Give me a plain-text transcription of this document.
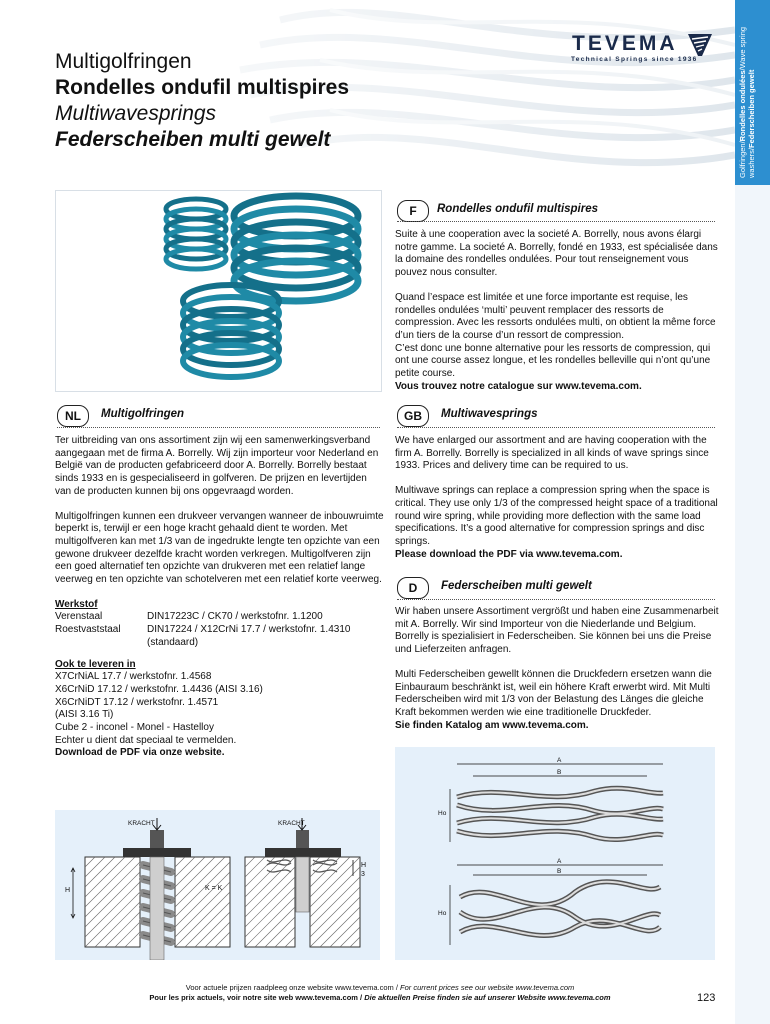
Golfringen/Rondelles ondulées/Wave spring washers/Federscheiben gewelt
Multigolfringen
Rondelles ondufil multispires
Multiwavesprings
Federscheiben multi gewelt
TEVEMA
Technical Springs since 1936
F	Rondelles ondufil multispires

Suite à une cooperation avec la societé A. Borrelly, nous avons élargi notre gamme. La societé A. Borrelly, fondé en 1933, est spécialisée dans la domaine des rondelles ondulées. Pour tout renseignement vous pouvez nous consulter.

Quand l’espace est limitée et une force importante est requise, les rondelles ondulées ‘multi’ peuvent remplacer des ressorts de compression. Avec les ressorts ondulées multi, on obtient la même force d’un tiers de la course d’un ressort de compression.
C’est donc une bonne alternative pour les ressorts de compression, qui ont une course assez longue, et les rondelles belleville qui n’ont qu’une petite course.
Vous trouvez notre catalogue sur www.tevema.com.
NL	Multigolfringen

Ter uitbreiding van ons assortiment zijn wij een samenwerkingsverband aangegaan met de firma A. Borrelly. Wij zijn importeur voor Nederland en België van de producten gefabriceerd door A. Borrelly. Borrelly bestaat sinds 1933 en is gespecialiseerd in golfveren. De prijzen en levertijden van de producten kunnen bij ons opgevraagd worden.

Multigolfringen kunnen een drukveer vervangen wanneer de inbouwruimte beperkt is, terwijl er een hoge kracht gehaald dient te worden. Met multigolfveren kan met 1/3 van de ingedrukte lengte ten opzichte van een gewone drukveer dezelfde kracht worden verkregen. Multigolfveren zijn een goed alternatief ten opzichte van drukveren met een relatief lange veerweg en ten opzichte van schotelveren met een relatief korte veerweg.

Werkstof
Verenstaal	DIN17223C / CK70 / werkstofnr. 1.1200
Roestvaststaal	DIN17224 / X12CrNi 17.7 / werkstofnr. 1.4310 (standaard)
Ook te leveren in
X7CrNiAL 17.7 / werkstofnr. 1.4568
X6CrNiD 17.12 / werkstofnr. 1.4436 (AISI 3.16)
X6CrNiDT 17.12 / werkstofnr. 1.4571
(AISI 3.16 Ti)
Cube 2 - inconel - Monel - Hastelloy
Echter u dient dat speciaal te vermelden.
Download de PDF via onze website.
GB	Multiwavesprings

We have enlarged our assortment and are having cooperation with the firm A. Borrelly. Borrelly is specialized in all kinds of wave springs since 1933. Prices and delivery time can be required to us.

Multiwave springs can replace a compression spring when the space is critical. They use only 1/3 of the compressed height space of a traditional round wire spring, while providing more deflection with the same load specifications. It’s a good alternative for compression springs and disc springs.
Please download the PDF via www.tevema.com.
D	Federscheiben multi gewelt

Wir haben unsere Assortiment vergrößt und haben eine Zusammenarbeit mit A. Borrelly. Wir sind Importeur von die Niederlande und Belgium. Borrelly is spezialisiert in Federscheiben. Sie können bei uns die Preise und Lieferzeiten anfragen.

Multi Federscheiben gewellt können die Druckfedern ersetzen wann die Einbauraum beschränkt ist, weil ein höhere Kraft erwerbt wird. Mit Multi Federscheiben wird mit 1/3 von der Belastung des Länges die gleiche Kraft bekommen werden wie eine traditionelle Druckfeder.
Sie finden Katalog am www.tevema.com.
H
KRACHT
K = K
H
3
KRACHT
A
B
Ho
A
B
Ho
Voor actuele prijzen raadpleeg onze website www.tevema.com / For current prices see our website www.tevema.com
Pour les prix actuels, voir notre site web www.tevema.com / Die aktuellen Preise finden sie auf unserer Website www.tevema.com	123
